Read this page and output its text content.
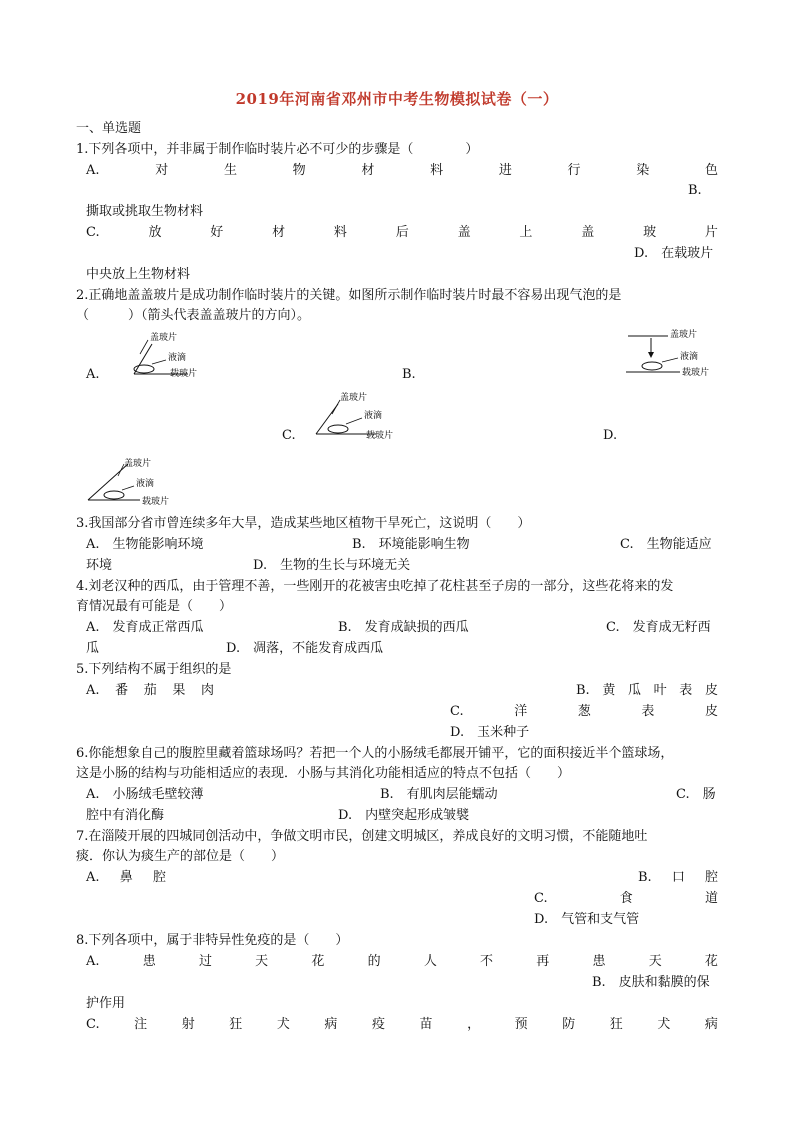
2019年河南省邓州市中考生物模拟试卷（一）
一、单选题
1.下列各项中，并非属于制作临时装片必不可少的步骤是（　　　　）
A.	对	生	物	材	料	进	行	染	色
B.
撕取或挑取生物材料
C.	放	好	材	料	后	盖	上	盖	玻	片
D.　在载玻片
中央放上生物材料
2.正确地盖盖玻片是成功制作临时装片的关键。如图所示制作临时装片时最不容易出现气泡的是
（　　　）（箭头代表盖盖玻片的方向）。
A.
盖玻片
液滴
载玻片	B.
盖玻片
液滴
载玻片
C.
盖玻片
液滴
载玻片	D.
盖玻片
液滴
载玻片
3.我国部分省市曾连续多年大旱，造成某些地区植物干旱死亡，这说明（　　）
A.　生物能影响环境	B.　环境能影响生物	C.　生物能适应
环境	D.　生物的生长与环境无关
4.刘老汉种的西瓜，由于管理不善，一些刚开的花被害虫吃掉了花柱甚至子房的一部分，这些花将来的发
育情况最有可能是（　　）
A.　发育成正常西瓜	B.　发育成缺损的西瓜	C.　发育成无籽西
瓜	D.　凋落，不能发育成西瓜
5.下列结构不属于组织的是
A. 番 茄 果 肉	B. 黄 瓜 叶 表 皮
C.	洋	葱	表	皮
D.　玉米种子
6.你能想象自己的腹腔里藏着篮球场吗？若把一个人的小肠绒毛都展开铺平，它的面积接近半个篮球场，
这是小肠的结构与功能相适应的表现．小肠与其消化功能相适应的特点不包括（　　）
A.　小肠绒毛壁较薄	B.　有肌肉层能蠕动	C.　肠
腔中有消化酶	D.　内壁突起形成皱襞
7.在淄陵开展的四城同创活动中，争做文明市民，创建文明城区，养成良好的文明习惯，不能随地吐
痰．你认为痰生产的部位是（　　）
A. 鼻 腔	B. 口 腔
C.	食	道
D.　气管和支气管
8.下列各项中，属于非特异性免疫的是（　　）
A.	患	过	天	花	的	人	不	再	患	天	花
B.　皮肤和黏膜的保
护作用
C.	注	射	狂	犬	病	疫	苗	，	预	防	狂	犬	病
